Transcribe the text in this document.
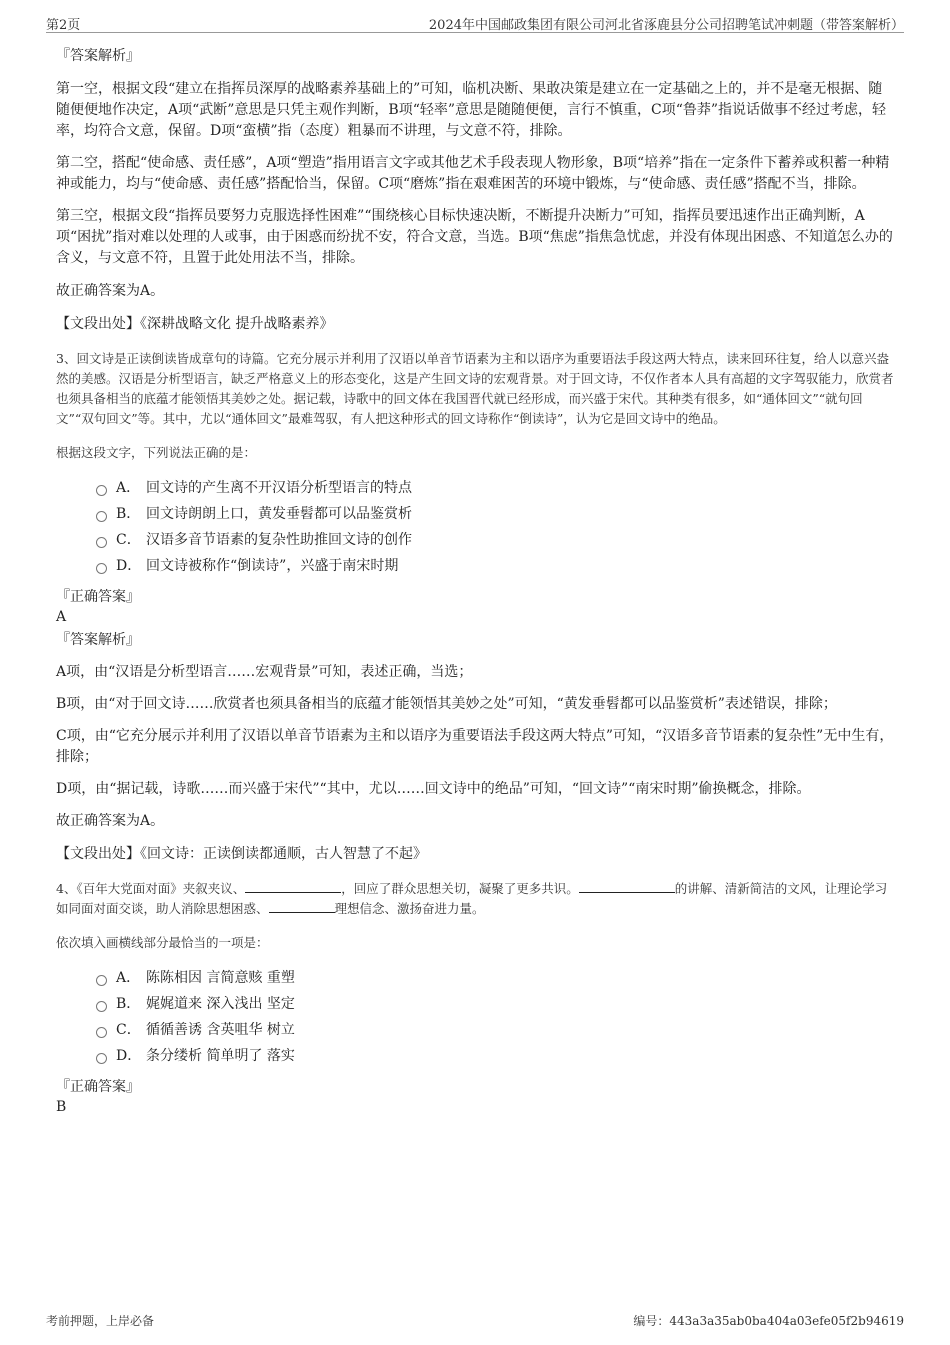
第2页	2024年中国邮政集团有限公司河北省涿鹿县分公司招聘笔试冲刺题（带答案解析）

『答案解析』

第一空，根据文段“建立在指挥员深厚的战略素养基础上的”可知，临机决断、果敢决策是建立在一定基础之上的，并不是毫无根据、随随便便地作决定，A项“武断”意思是只凭主观作判断，B项“轻率”意思是随随便便，言行不慎重，C项“鲁莽”指说话做事不经过考虑，轻率，均符合文意，保留。D项“蛮横”指（态度）粗暴而不讲理，与文意不符，排除。

第二空，搭配“使命感、责任感”，A项“塑造”指用语言文字或其他艺术手段表现人物形象，B项“培养”指在一定条件下蓄养或积蓄一种精神或能力，均与“使命感、责任感”搭配恰当，保留。C项“磨炼”指在艰难困苦的环境中锻炼，与“使命感、责任感”搭配不当，排除。

第三空，根据文段“指挥员要努力克服选择性困难”“围绕核心目标快速决断，不断提升决断力”可知，指挥员要迅速作出正确判断，A项“困扰”指对难以处理的人或事，由于困惑而纷扰不安，符合文意，当选。B项“焦虑”指焦急忧虑，并没有体现出困惑、不知道怎么办的含义，与文意不符，且置于此处用法不当，排除。

故正确答案为A。

【文段出处】《深耕战略文化 提升战略素养》

3、回文诗是正读倒读皆成章句的诗篇。它充分展示并利用了汉语以单音节语素为主和以语序为重要语法手段这两大特点，读来回环往复，给人以意兴盎然的美感。汉语是分析型语言，缺乏严格意义上的形态变化，这是产生回文诗的宏观背景。对于回文诗，不仅作者本人具有高超的文字驾驭能力，欣赏者也须具备相当的底蕴才能领悟其美妙之处。据记载，诗歌中的回文体在我国晋代就已经形成，而兴盛于宋代。其种类有很多，如“通体回文”“就句回文”“双句回文”等。其中，尤以“通体回文”最难驾驭，有人把这种形式的回文诗称作“倒读诗”，认为它是回文诗中的绝品。

根据这段文字，下列说法正确的是：

A． 回文诗的产生离不开汉语分析型语言的特点
B． 回文诗朗朗上口，黄发垂髫都可以品鉴赏析
C． 汉语多音节语素的复杂性助推回文诗的创作
D． 回文诗被称作“倒读诗”，兴盛于南宋时期

『正确答案』

A

『答案解析』

A项，由“汉语是分析型语言……宏观背景”可知，表述正确，当选；

B项，由“对于回文诗……欣赏者也须具备相当的底蕴才能领悟其美妙之处”可知，“黄发垂髫都可以品鉴赏析”表述错误，排除；

C项，由“它充分展示并利用了汉语以单音节语素为主和以语序为重要语法手段这两大特点”可知，“汉语多音节语素的复杂性”无中生有，排除；

D项，由“据记载，诗歌……而兴盛于宋代”“其中，尤以……回文诗中的绝品”可知，“回文诗”“南宋时期”偷换概念，排除。

故正确答案为A。

【文段出处】《回文诗：正读倒读都通顺，古人智慧了不起》

4、《百年大党面对面》夹叙夹议、	，回应了群众思想关切，凝聚了更多共识。	的讲解、清新简洁的文风，让理论学习如同面对面交谈，助人消除思想困惑、	理想信念、激扬奋进力量。

依次填入画横线部分最恰当的一项是：

A． 陈陈相因 言简意赅 重塑
B． 娓娓道来 深入浅出 坚定
C． 循循善诱 含英咀华 树立
D． 条分缕析 简单明了 落实

『正确答案』

B

考前押题，上岸必备	编号：443a3a35ab0ba404a03efe05f2b94619
